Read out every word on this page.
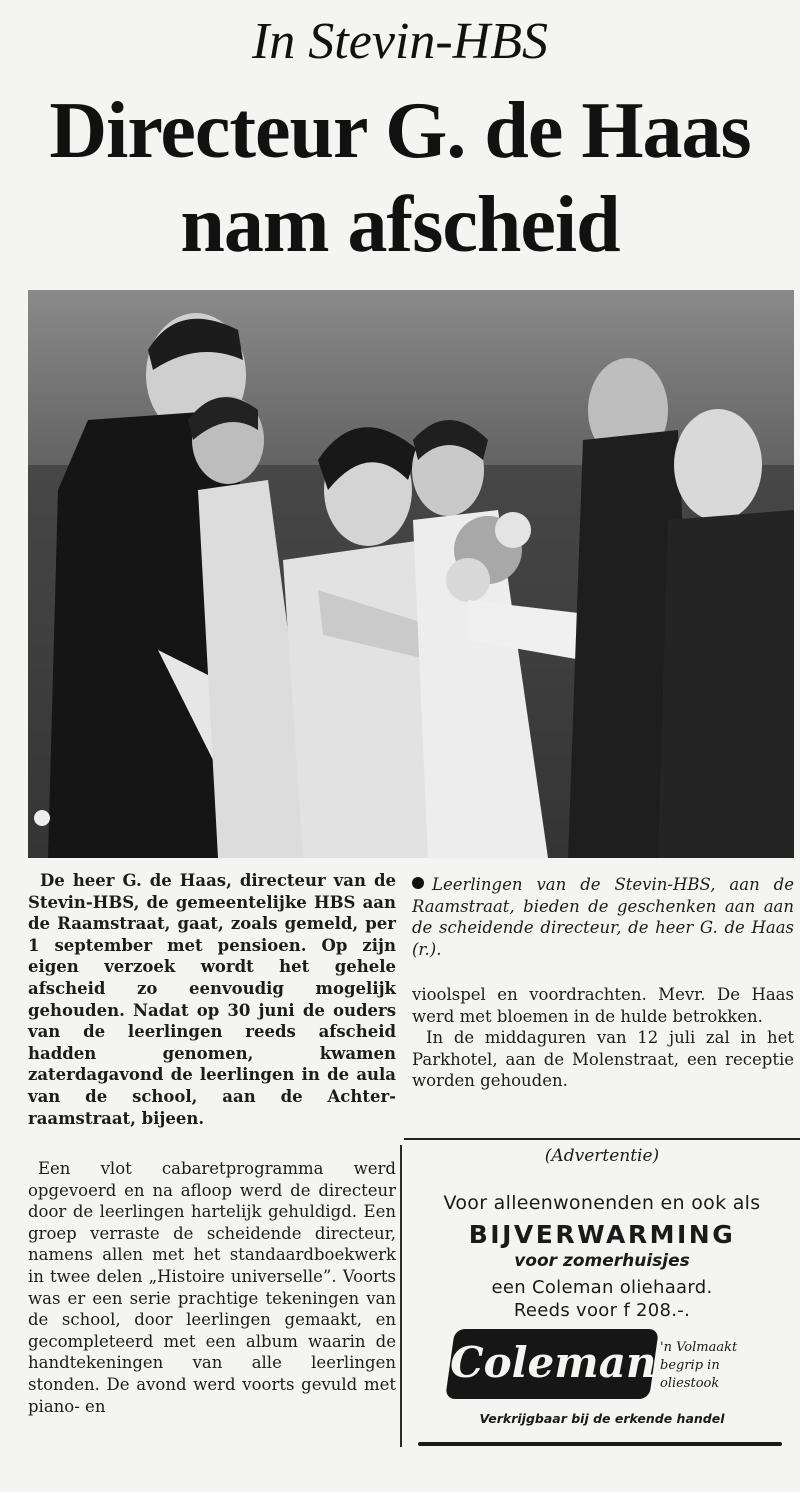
In Stevin-HBS
Directeur G. de Haas
nam afscheid

De heer G. de Haas, directeur van de Stevin-HBS, de gemeentelijke HBS aan de Raamstraat, gaat, zoals gemeld, per 1 september met pensioen. Op zijn eigen verzoek wordt het gehele afscheid zo eenvoudig mogelijk gehouden. Nadat op 30 juni de ouders van de leerlingen reeds afscheid hadden genomen, kwamen zaterdagavond de leerlingen in de aula van de school, aan de Achter-raamstraat, bijeen.

Een vlot cabaretprogramma werd opgevoerd en na afloop werd de directeur door de leerlingen hartelijk gehuldigd. Een groep verraste de scheidende directeur, namens allen met het standaardboekwerk in twee delen „Histoire universelle”. Voorts was er een serie prachtige tekeningen van de school, door leerlingen gemaakt, en gecompleteerd met een album waarin de handtekeningen van alle leerlingen stonden. De avond werd voorts gevuld met piano- en

Leerlingen van de Stevin-HBS, aan de Raamstraat, bieden de geschenken aan aan de scheidende directeur, de heer G. de Haas (r.).

vioolspel en voordrachten. Mevr. De Haas werd met bloemen in de hulde betrokken.

In de middaguren van 12 juli zal in het Parkhotel, aan de Molenstraat, een receptie worden gehouden.

(Advertentie)
Voor alleenwonenden en ook als
BIJVERWARMING
voor zomerhuisjes
een Coleman oliehaard.
Reeds voor f 208.-.
Coleman 'n Volmaakt begrip in oliestook
Verkrijgbaar bij de erkende handel
